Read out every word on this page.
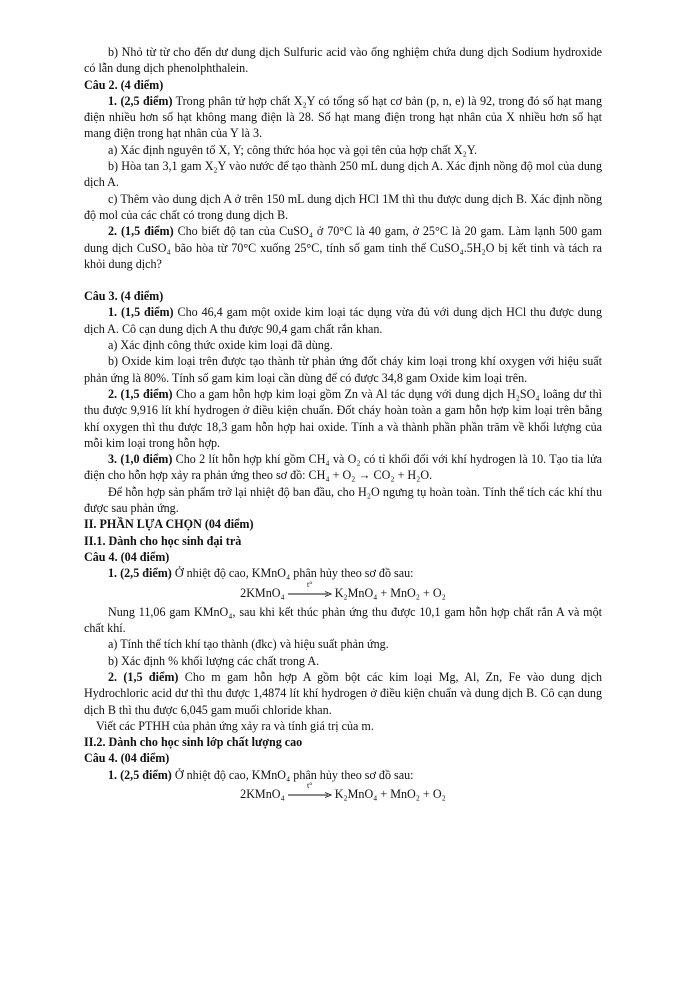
b) Nhỏ từ từ cho đến dư dung dịch Sulfuric acid vào ống nghiệm chứa dung dịch Sodium hydroxide có lẫn dung dịch phenolphthalein.

Câu 2. (4 điểm)

1. (2,5 điểm) Trong phân tử hợp chất X₂Y có tổng số hạt cơ bản (p, n, e) là 92, trong đó số hạt mang điện nhiều hơn số hạt không mang điện là 28. Số hạt mang điện trong hạt nhân của X nhiều hơn số hạt mang điện trong hạt nhân của Y là 3.

a) Xác định nguyên tố X, Y; công thức hóa học và gọi tên của hợp chất X₂Y.

b) Hòa tan 3,1 gam X₂Y vào nước để tạo thành 250 mL dung dịch A. Xác định nồng độ mol của dung dịch A.

c) Thêm vào dung dịch A ở trên 150 mL dung dịch HCl 1M thì thu được dung dịch B. Xác định nồng độ mol của các chất có trong dung dịch B.

2. (1,5 điểm) Cho biết độ tan của CuSO₄ ở 70°C là 40 gam, ở 25°C là 20 gam. Làm lạnh 500 gam dung dịch CuSO₄ bão hòa từ 70°C xuống 25°C, tính số gam tinh thể CuSO₄.5H₂O bị kết tinh và tách ra khỏi dung dịch?

Câu 3. (4 điểm)

1. (1,5 điểm) Cho 46,4 gam một oxide kim loại tác dụng vừa đủ với dung dịch HCl thu được dung dịch A. Cô cạn dung dịch A thu được 90,4 gam chất rắn khan.

a) Xác định công thức oxide kim loại đã dùng.

b) Oxide kim loại trên được tạo thành từ phản ứng đốt cháy kim loại trong khí oxygen với hiệu suất phản ứng là 80%. Tính số gam kim loại cần dùng để có được 34,8 gam Oxide kim loại trên.

2. (1,5 điểm) Cho a gam hỗn hợp kim loại gồm Zn và Al tác dụng với dung dịch H₂SO₄ loãng dư thì thu được 9,916 lít khí hydrogen ở điều kiện chuẩn. Đốt cháy hoàn toàn a gam hỗn hợp kim loại trên bằng khí oxygen thì thu được 18,3 gam hỗn hợp hai oxide. Tính a và thành phần phần trăm về khối lượng của mỗi kim loại trong hỗn hợp.

3. (1,0 điểm) Cho 2 lít hỗn hợp khí gồm CH₄ và O₂ có tỉ khối đối với khí hydrogen là 10. Tạo tia lửa điện cho hỗn hợp xảy ra phản ứng theo sơ đồ: CH₄ + O₂ → CO₂ + H₂O.

Để hỗn hợp sản phẩm trở lại nhiệt độ ban đầu, cho H₂O ngưng tụ hoàn toàn. Tính thể tích các khí thu được sau phản ứng.

II. PHẦN LỰA CHỌN (04 điểm)

II.1. Dành cho học sinh đại trà

Câu 4. (04 điểm)

1. (2,5 điểm) Ở nhiệt độ cao, KMnO₄ phân hủy theo sơ đồ sau:

2KMnO₄
t°
K₂MnO₄ + MnO₂ + O₂

Nung 11,06 gam KMnO₄, sau khi kết thúc phản ứng thu được 10,1 gam hỗn hợp chất rắn A và một chất khí.

a) Tính thể tích khí tạo thành (đkc) và hiệu suất phản ứng.

b) Xác định % khối lượng các chất trong A.

2. (1,5 điểm) Cho m gam hỗn hợp A gồm bột các kim loại Mg, Al, Zn, Fe vào dung dịch Hydrochloric acid dư thì thu được 1,4874 lít khí hydrogen ở điều kiện chuẩn và dung dịch B. Cô cạn dung dịch B thì thu được 6,045 gam muối chloride khan.

Viết các PTHH của phản ứng xảy ra và tính giá trị của m.

II.2. Dành cho học sinh lớp chất lượng cao

Câu 4. (04 điểm)

1. (2,5 điểm) Ở nhiệt độ cao, KMnO₄ phân hủy theo sơ đồ sau:

2KMnO₄
t°
K₂MnO₄ + MnO₂ + O₂
